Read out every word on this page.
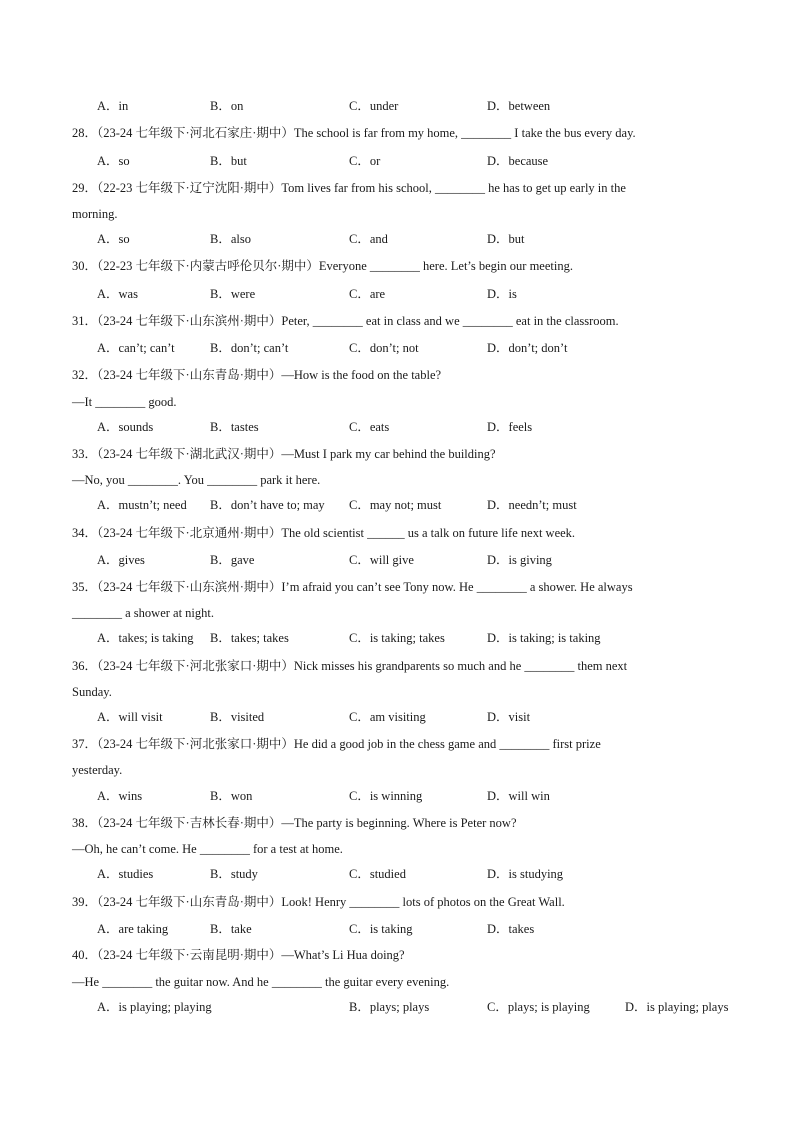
A．in	B．on	C．under	D．between
28．（23-24 七年级下·河北石家庄·期中）The school is far from my home, ________ I take the bus every day.
A．so	B．but	C．or	D．because
29．（22-23 七年级下·辽宁沈阳·期中）Tom lives far from his school, ________ he has to get up early in the
morning.
A．so	B．also	C．and	D．but
30．（22-23 七年级下·内蒙古呼伦贝尔·期中）Everyone ________ here. Let’s begin our meeting.
A．was	B．were	C．are	D．is
31．（23-24 七年级下·山东滨州·期中）Peter, ________ eat in class and we ________ eat in the classroom.
A．can’t; can’t	B．don’t; can’t	C．don’t; not	D．don’t; don’t
32．（23-24 七年级下·山东青岛·期中）—How is the food on the table?
—It ________ good.
A．sounds	B．tastes	C．eats	D．feels
33．（23-24 七年级下·湖北武汉·期中）—Must I park my car behind the building?
—No, you ________. You ________ park it here.
A．mustn’t; need B．don’t have to; may C．may not; must	D．needn’t; must
34．（23-24 七年级下·北京通州·期中）The old scientist ______ us a talk on future life next week.
A．gives	B．gave	C．will give	D．is giving
35．（23-24 七年级下·山东滨州·期中）I’m afraid you can’t see Tony now. He ________ a shower. He always
________ a shower at night.
A．takes; is taking B．takes; takes	C．is taking; takes	D．is taking; is taking
36．（23-24 七年级下·河北张家口·期中）Nick misses his grandparents so much and he ________ them next
Sunday.
A．will visit	B．visited	C．am visiting	D．visit
37．（23-24 七年级下·河北张家口·期中）He did a good job in the chess game and ________ first prize
yesterday.
A．wins	B．won	C．is winning	D．will win
38．（23-24 七年级下·吉林长春·期中）—The party is beginning. Where is Peter now?
—Oh, he can’t come. He ________ for a test at home.
A．studies	B．study	C．studied	D．is studying
39．（23-24 七年级下·山东青岛·期中）Look! Henry ________ lots of photos on the Great Wall.
A．are taking	B．take	C．is taking	D．takes
40．（23-24 七年级下·云南昆明·期中）—What’s Li Hua doing?
—He ________ the guitar now. And he ________ the guitar every evening.
A．is playing; playing	B．plays; plays	C．plays; is playing	D．is playing; plays
